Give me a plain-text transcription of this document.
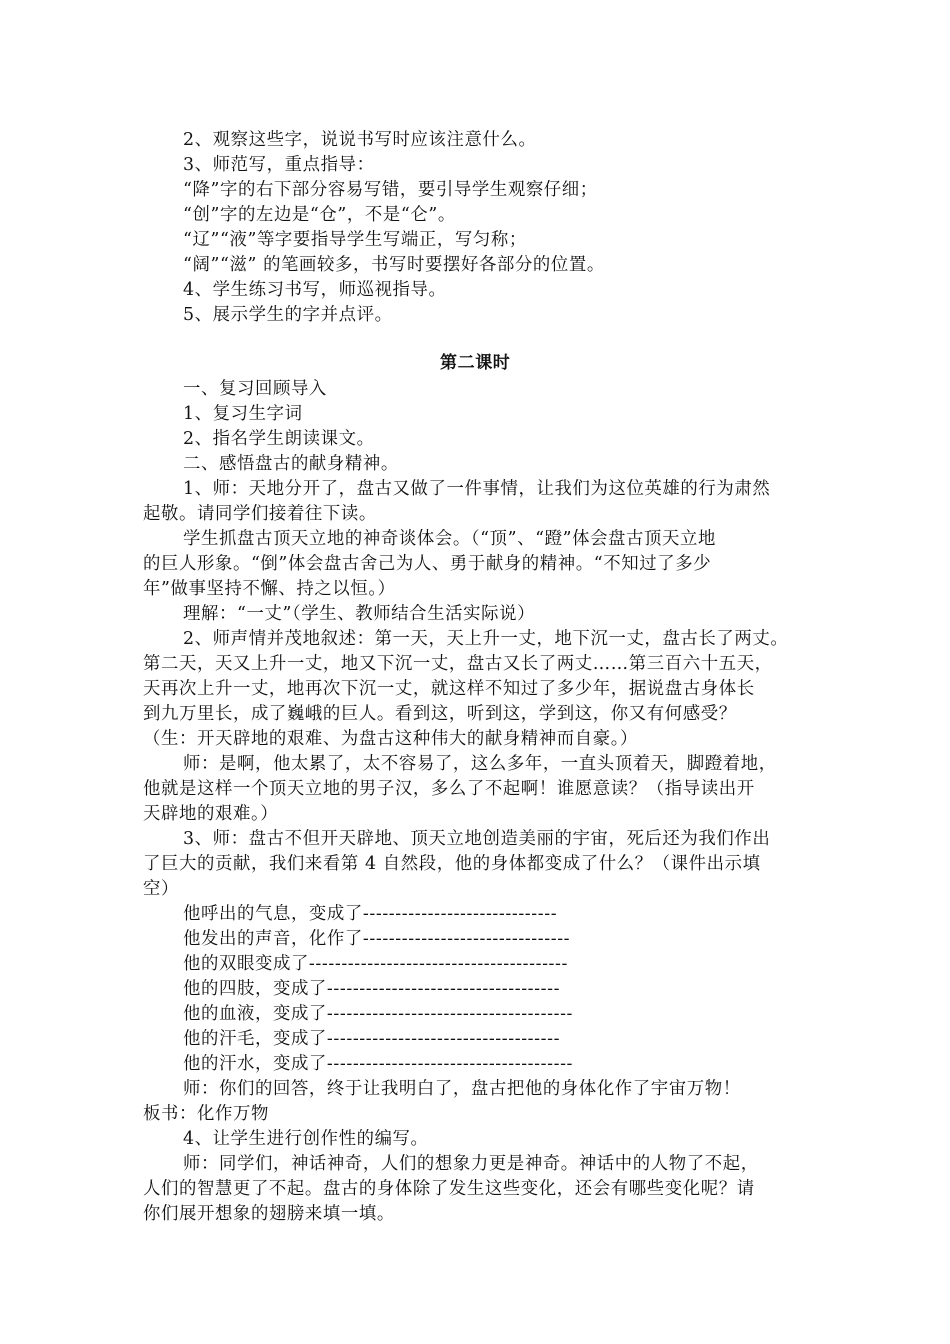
2、观察这些字，说说书写时应该注意什么。
3、师范写，重点指导：
“降”字的右下部分容易写错，要引导学生观察仔细；
“创”字的左边是“仓”，不是“仑”。
“辽”“液”等字要指导学生写端正，写匀称；
“阔”“滋” 的笔画较多，书写时要摆好各部分的位置。
4、学生练习书写，师巡视指导。
5、展示学生的字并点评。
第二课时
一、复习回顾导入
1、复习生字词
2、指名学生朗读课文。
二、感悟盘古的献身精神。
1、师：天地分开了，盘古又做了一件事情，让我们为这位英雄的行为肃然
起敬。请同学们接着往下读。
学生抓盘古顶天立地的神奇谈体会。（“顶”、“蹬”体会盘古顶天立地
的巨人形象。“倒”体会盘古舍己为人、勇于献身的精神。“不知过了多少
年”做事坚持不懈、持之以恒。）
理解：“一丈”（学生、教师结合生活实际说）
2、师声情并茂地叙述：第一天，天上升一丈，地下沉一丈，盘古长了两丈。
第二天，天又上升一丈，地又下沉一丈，盘古又长了两丈……第三百六十五天，
天再次上升一丈，地再次下沉一丈，就这样不知过了多少年，据说盘古身体长
到九万里长，成了巍峨的巨人。看到这，听到这，学到这，你又有何感受？
（生：开天辟地的艰难、为盘古这种伟大的献身精神而自豪。）
师：是啊，他太累了，太不容易了，这么多年，一直头顶着天，脚蹬着地，
他就是这样一个顶天立地的男子汉，多么了不起啊！谁愿意读？（指导读出开
天辟地的艰难。）
3、师：盘古不但开天辟地、顶天立地创造美丽的宇宙，死后还为我们作出
了巨大的贡献，我们来看第 4 自然段，他的身体都变成了什么？（课件出示填
空）
他呼出的气息，变成了------------------------------
他发出的声音，化作了--------------------------------
他的双眼变成了----------------------------------------
他的四肢，变成了------------------------------------
他的血液，变成了--------------------------------------
他的汗毛，变成了------------------------------------
他的汗水，变成了--------------------------------------
师：你们的回答，终于让我明白了，盘古把他的身体化作了宇宙万物！
板书：化作万物
4、让学生进行创作性的编写。
师：同学们，神话神奇，人们的想象力更是神奇。神话中的人物了不起，
人们的智慧更了不起。盘古的身体除了发生这些变化，还会有哪些变化呢？请
你们展开想象的翅膀来填一填。
